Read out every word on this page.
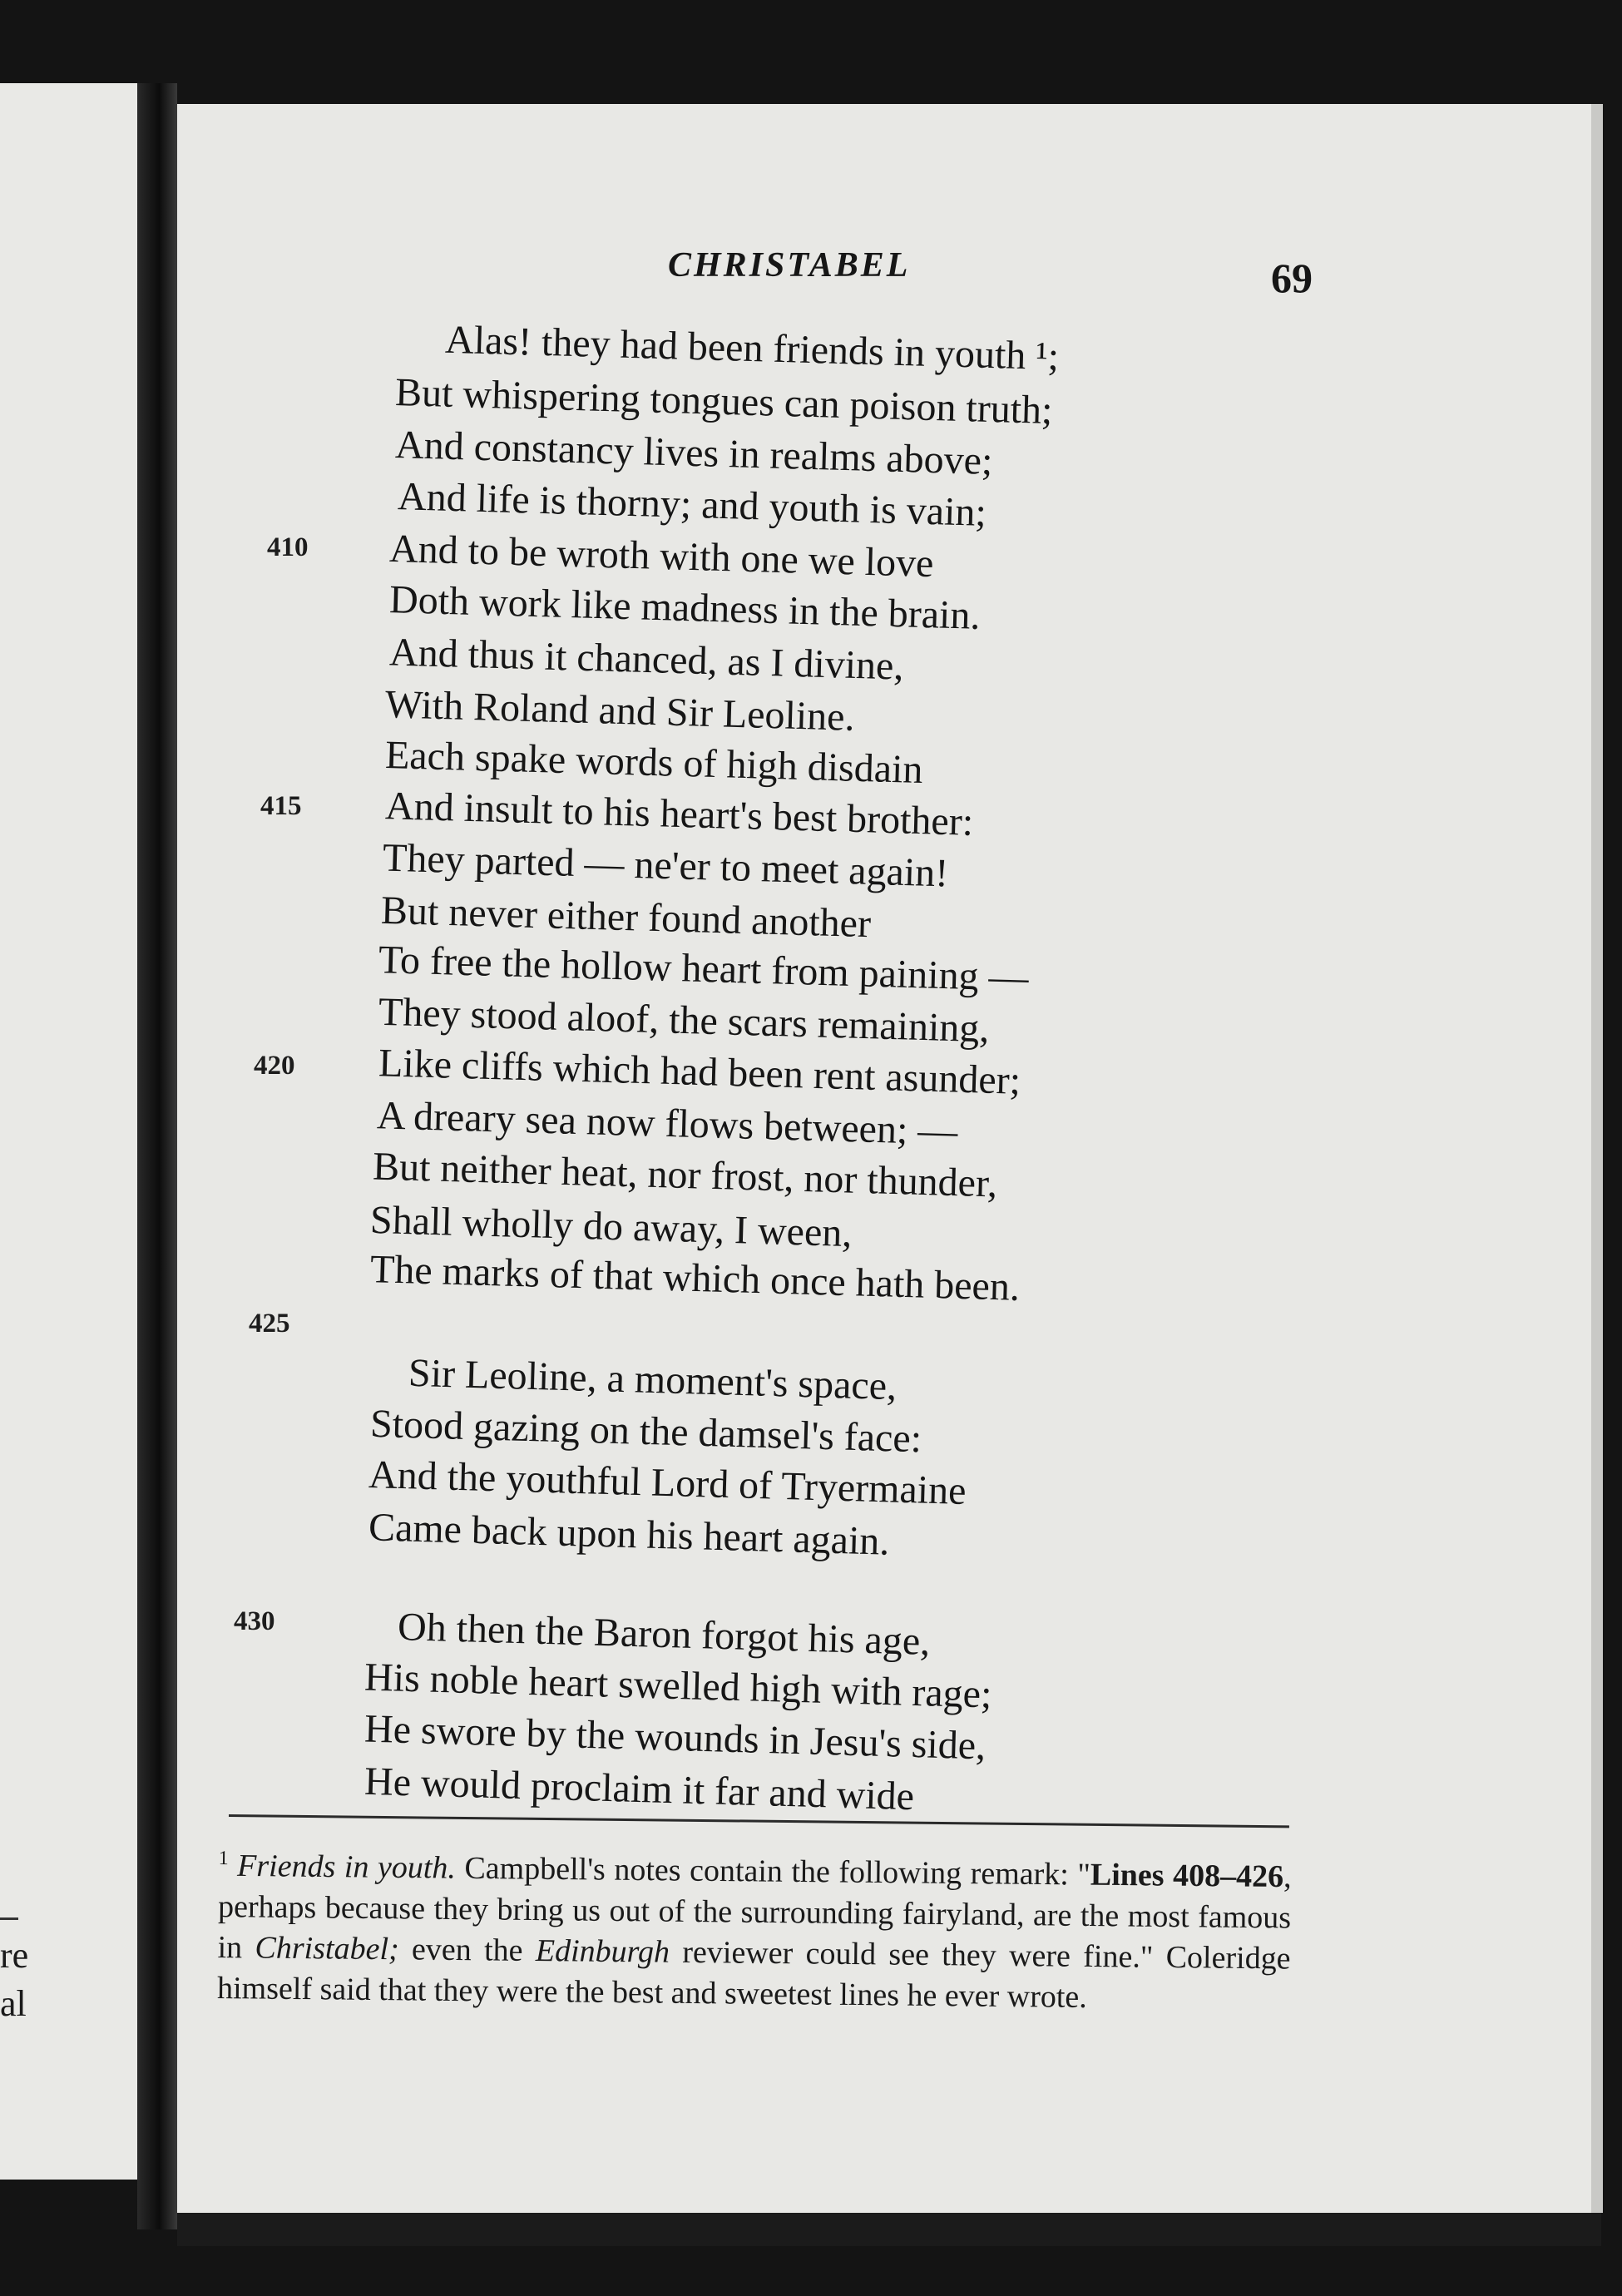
re
al
CHRISTABEL	69
Alas! they had been friends in youth ¹;
But whispering tongues can poison truth;
And constancy lives in realms above;
And life is thorny; and youth is vain;
And to be wroth with one we love
Doth work like madness in the brain.
And thus it chanced, as I divine,
With Roland and Sir Leoline.
Each spake words of high disdain
And insult to his heart's best brother:
They parted — ne'er to meet again!
But never either found another
To free the hollow heart from paining —
They stood aloof, the scars remaining,
Like cliffs which had been rent asunder;
A dreary sea now flows between; —
But neither heat, nor frost, nor thunder,
Shall wholly do away, I ween,
The marks of that which once hath been.
Sir Leoline, a moment's space,
Stood gazing on the damsel's face:
And the youthful Lord of Tryermaine
Came back upon his heart again.
Oh then the Baron forgot his age,
His noble heart swelled high with rage;
He swore by the wounds in Jesu's side,
He would proclaim it far and wide
410
415
420
425
430
$^1$ Friends in youth. Campbell's notes contain the following remark: "Lines 408–426, perhaps because they bring us out of the surrounding fairyland, are the most famous in Christabel; even the Edinburgh reviewer could see they were fine." Coleridge himself said that they were the best and sweetest lines he ever wrote.
